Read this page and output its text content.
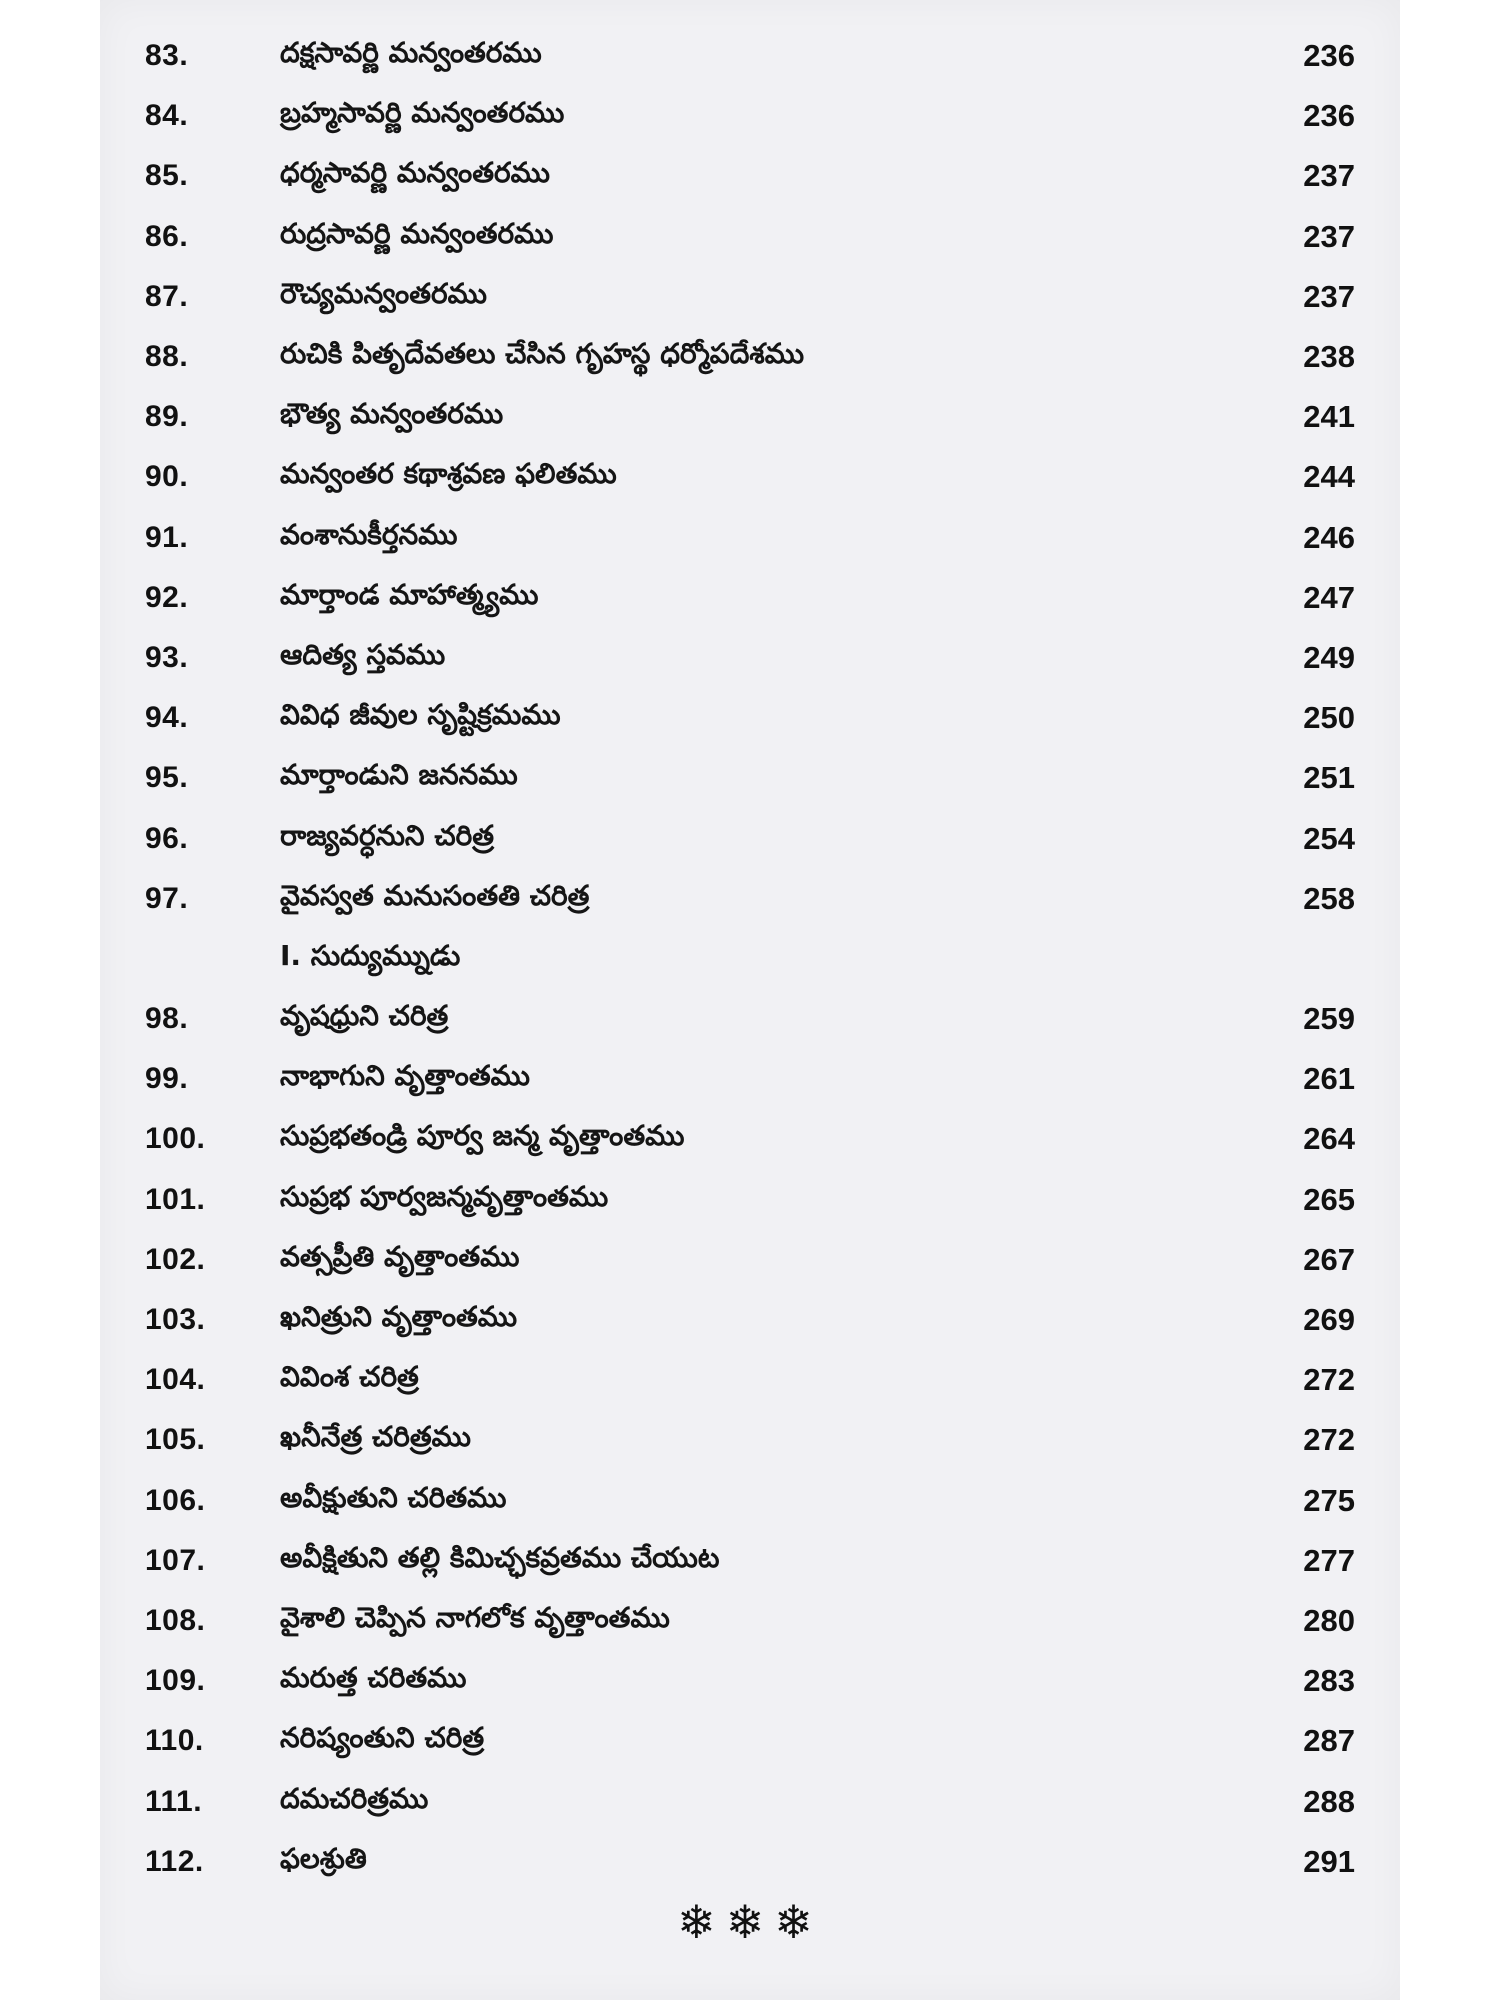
83.	దక్షసావర్ణి మన్వంతరము	236
84.	బ్రహ్మసావర్ణి మన్వంతరము	236
85.	ధర్మసావర్ణి మన్వంతరము	237
86.	రుద్రసావర్ణి మన్వంతరము	237
87.	రౌచ్యమన్వంతరము	237
88.	రుచికి పితృదేవతలు చేసిన గృహస్థ ధర్మోపదేశము	238
89.	భౌత్య మన్వంతరము	241
90.	మన్వంతర కథాశ్రవణ ఫలితము	244
91.	వంశానుకీర్తనము	246
92.	మార్తాండ మాహాత్మ్యము	247
93.	ఆదిత్య స్తవము	249
94.	వివిధ జీవుల సృష్టిక్రమము	250
95.	మార్తాండుని జననము	251
96.	రాజ్యవర్ధనుని చరిత్ర	254
97.	వైవస్వత మనుసంతతి చరిత్ర	258
I. సుద్యుమ్నుడు
98.	వృషధ్రుని చరిత్ర	259
99.	నాభాగుని వృత్తాంతము	261
100.	సుప్రభతండ్రి పూర్వ జన్మ వృత్తాంతము	264
101.	సుప్రభ పూర్వజన్మవృత్తాంతము	265
102.	వత్సప్రీతి వృత్తాంతము	267
103.	ఖనిత్రుని వృత్తాంతము	269
104.	వివింశ చరిత్ర	272
105.	ఖనీనేత్ర చరిత్రము	272
106.	అవీక్షుతుని చరితము	275
107.	అవీక్షితుని తల్లి కిమిచ్ఛకవ్రతము చేయుట	277
108.	వైశాలి చెప్పిన నాగలోక వృత్తాంతము	280
109.	మరుత్త చరితము	283
110.	నరిష్యంతుని చరిత్ర	287
111.	దమచరిత్రము	288
112.	ఫలశ్రుతి	291
❄❄❄
